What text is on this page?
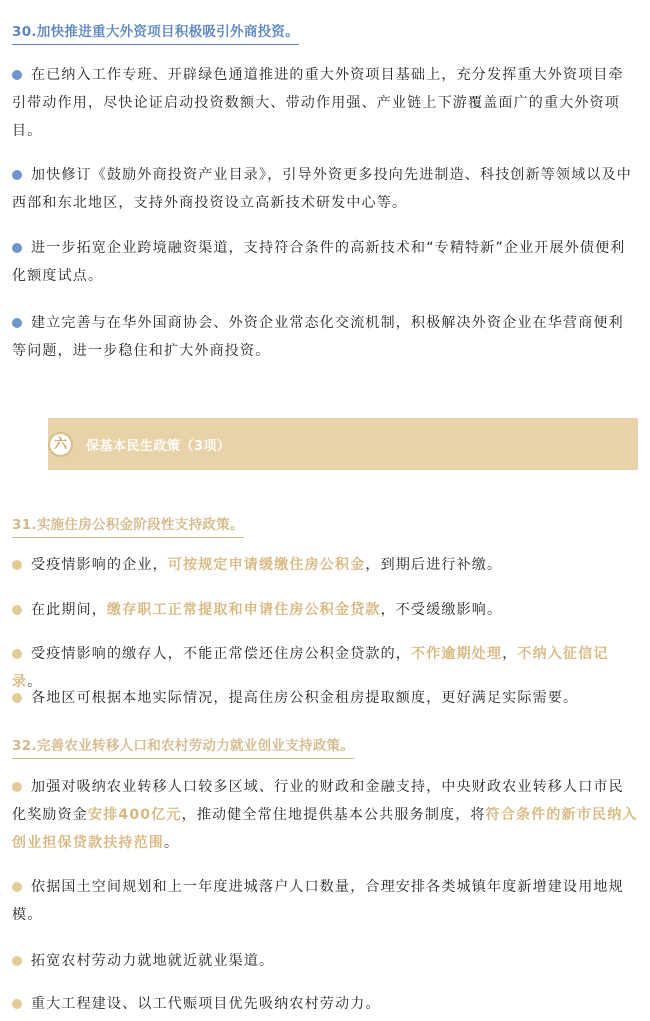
30.加快推进重大外资项目积极吸引外商投资。

在已纳入工作专班、开辟绿色通道推进的重大外资项目基础上，充分发挥重大外资项目牵引带动作用，尽快论证启动投资数额大、带动作用强、产业链上下游覆盖面广的重大外资项目。

加快修订《鼓励外商投资产业目录》，引导外资更多投向先进制造、科技创新等领域以及中西部和东北地区，支持外商投资设立高新技术研发中心等。

进一步拓宽企业跨境融资渠道，支持符合条件的高新技术和“专精特新”企业开展外债便利化额度试点。

建立完善与在华外国商协会、外资企业常态化交流机制，积极解决外资企业在华营商便利等问题，进一步稳住和扩大外商投资。

六	保基本民生政策（3项）
31.实施住房公积金阶段性支持政策。

受疫情影响的企业，可按规定申请缓缴住房公积金，到期后进行补缴。

在此期间，缴存职工正常提取和申请住房公积金贷款，不受缓缴影响。

受疫情影响的缴存人，不能正常偿还住房公积金贷款的，不作逾期处理，不纳入征信记录。

各地区可根据本地实际情况，提高住房公积金租房提取额度，更好满足实际需要。

32.完善农业转移人口和农村劳动力就业创业支持政策。

加强对吸纳农业转移人口较多区域、行业的财政和金融支持，中央财政农业转移人口市民化奖励资金安排400亿元，推动健全常住地提供基本公共服务制度，将符合条件的新市民纳入创业担保贷款扶持范围。

依据国土空间规划和上一年度进城落户人口数量，合理安排各类城镇年度新增建设用地规模。

拓宽农村劳动力就地就近就业渠道。

重大工程建设、以工代赈项目优先吸纳农村劳动力。
